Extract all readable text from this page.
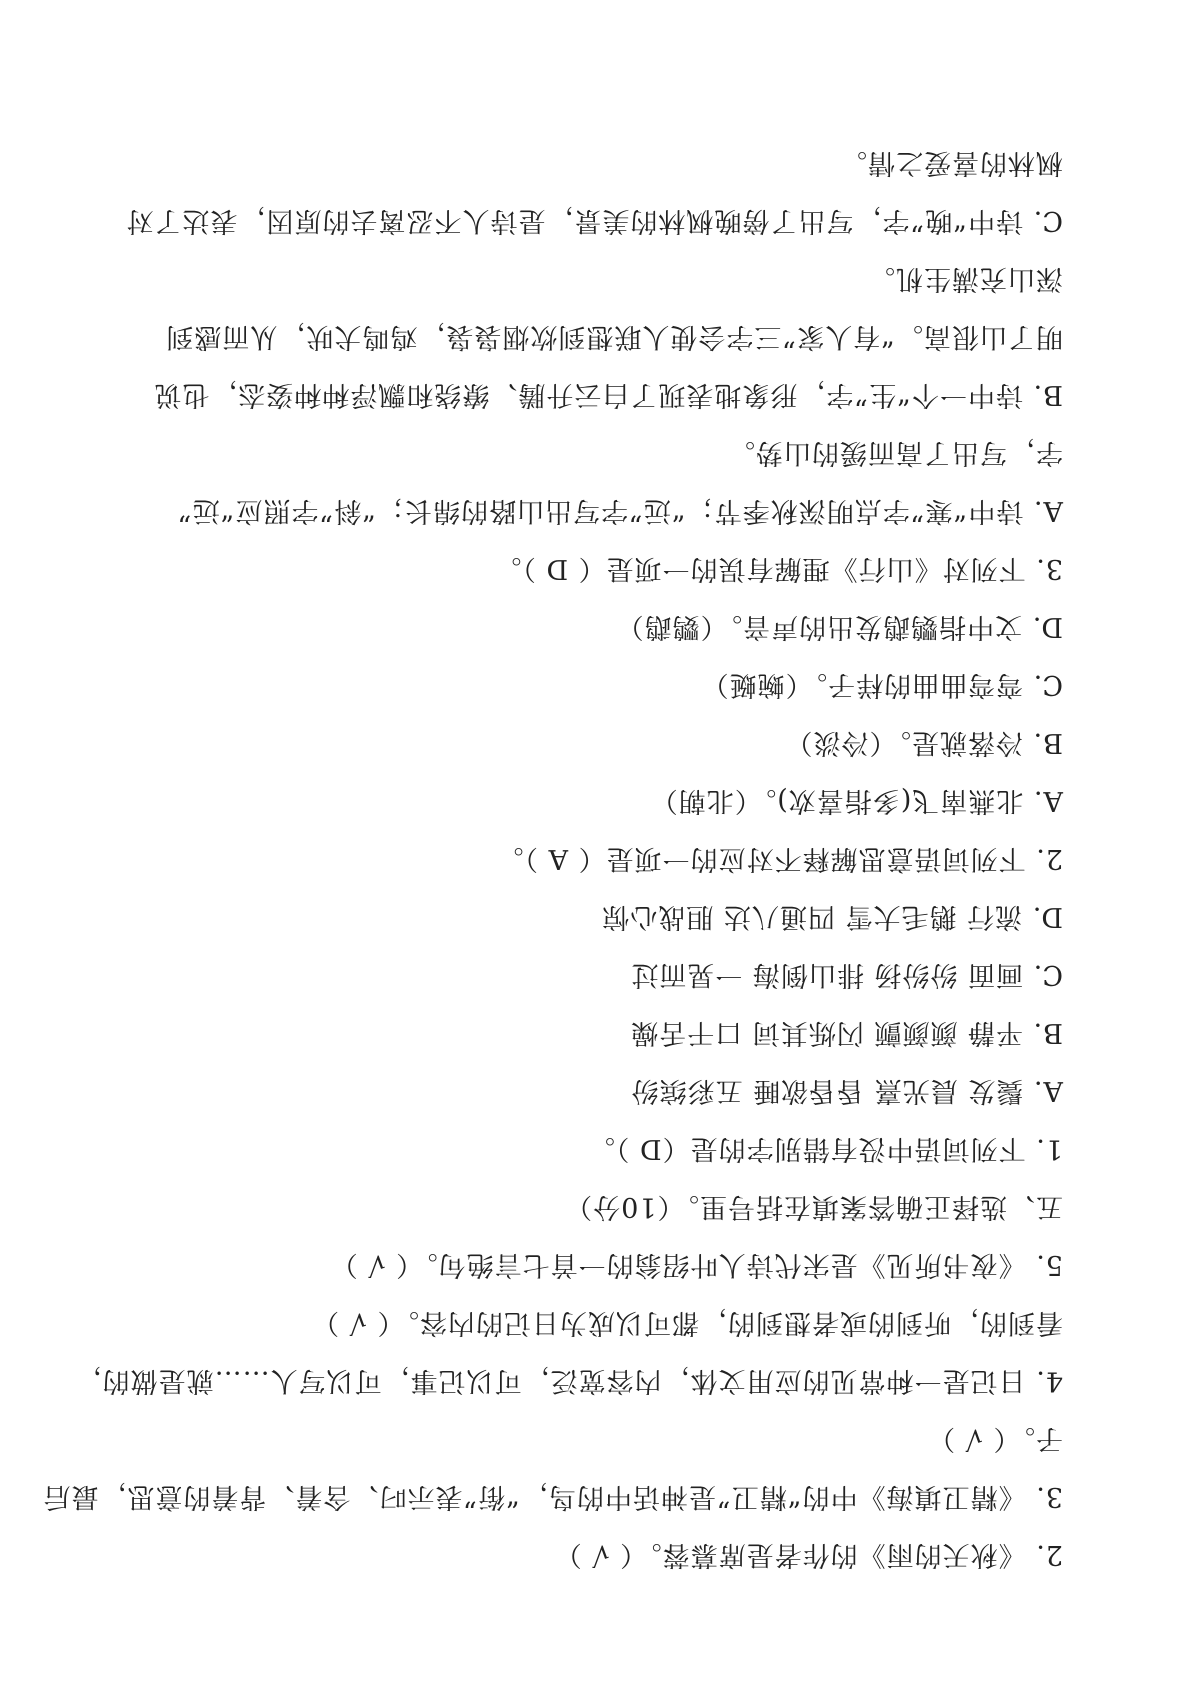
2. 《秋天的雨》的作者是席慕蓉。（ √ ）
3. 《精卫填海》中的“精卫”是神话中的鸟，“衔”表示叼、含着、背着的意思，最后
子。（ √ ）
4. 日记是一种常见的应用文体，内容宽泛，可以记事，可以写人……就是做的，
看到的，听到的或者想到的，都可以成为日记的内容。（ √ ）
5. 《夜书所见》是宋代诗人叶绍翁的一首七言绝句。（ √ ）
五、选择正确答案填在括号里。（10分）
1. 下列词语中没有错别字的是（D ）。
A. 鬓发 晨光熹 昏昏欲睡 五彩缤纷
B. 平静 颜颜颤 闪烁其词 口干舌燥
C. 画面 纷纷扬 排山倒海 一晃而过
D. 流行 鹅毛大雪 四通八达 胆战心惊
2. 下列词语意思解释不对应的一项是（ A ）。
A. 北燕南飞(多指喜欢)。（北朝）
B. 冷落就是。（冷淡）
C. 弯弯曲曲的样子。（蜿蜒）
D. 文中指鹦鹉发出的声音。（鹦鹉）
3. 下列对《山行》理解有误的一项是（ D ）。
A. 诗中“寒”字点明深秋季节；“远”字写出山路的绵长；“斜”字照应“远”
字，写出了高而缓的山势。
B. 诗中一个“生”字，形象地表现了白云升腾、缭绕和飘浮种种姿态，也说
明了山很高。“有人家”三字会使人联想到炊烟袅袅，鸡鸣犬吠，从而感到
深山充满生机。
C. 诗中“晚”字，写出了傍晚枫林的美景，是诗人不忍离去的原因，表达了对
枫林的喜爱之情。
